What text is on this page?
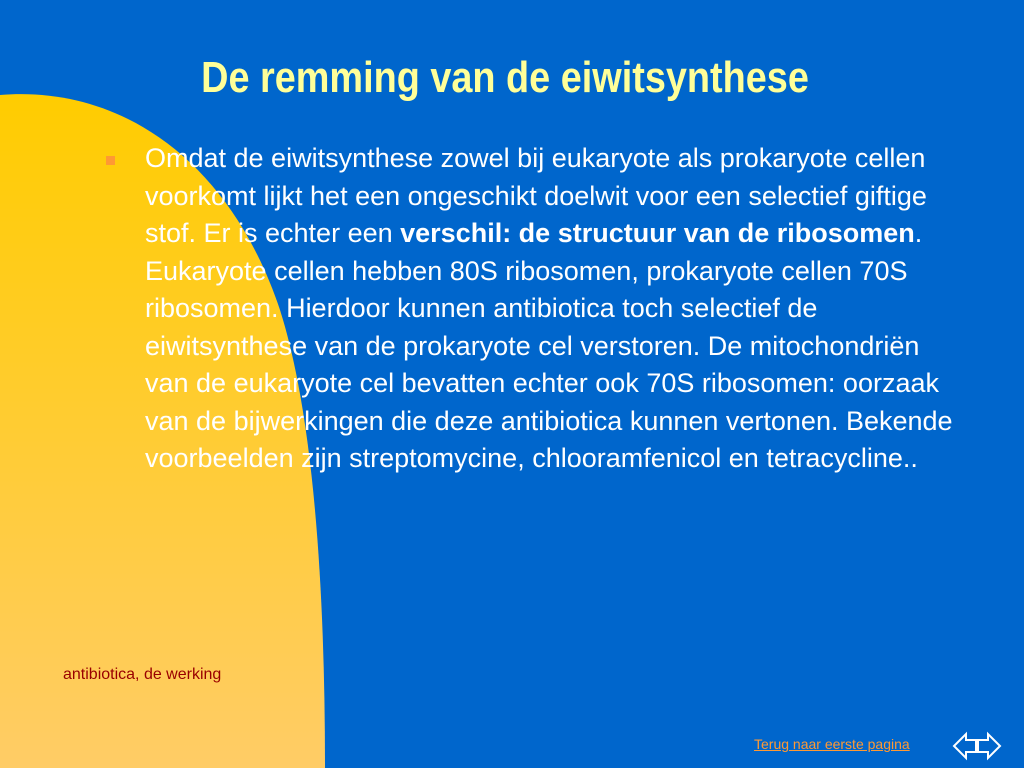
De remming van de eiwitsynthese
Omdat de eiwitsynthese zowel bij eukaryote als prokaryote cellen voorkomt lijkt het een ongeschikt doelwit voor een selectief giftige stof. Er is echter een verschil: de structuur van de ribosomen. Eukaryote cellen hebben 80S ribosomen, prokaryote cellen 70S ribosomen. Hierdoor kunnen antibiotica toch selectief de eiwitsynthese van de prokaryote cel verstoren. De mitochondriën van de eukaryote cel bevatten echter ook 70S ribosomen: oorzaak van de bijwerkingen die deze antibiotica kunnen vertonen. Bekende voorbeelden zijn streptomycine, chlooramfenicol en tetracycline..
antibiotica, de werking
Terug naar eerste pagina
